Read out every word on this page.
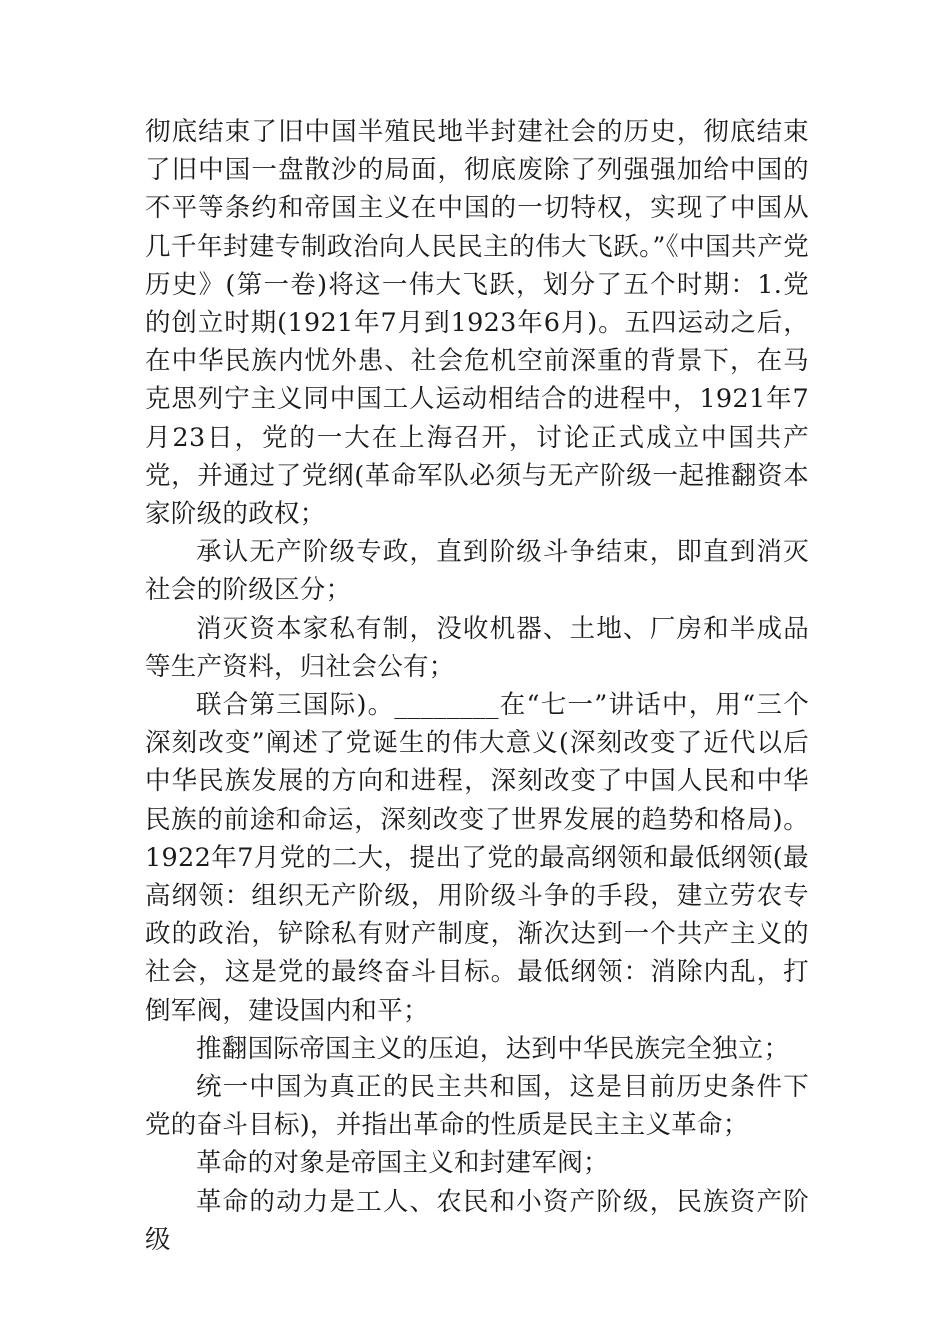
彻底结束了旧中国半殖民地半封建社会的历史，彻底结束了旧中国一盘散沙的局面，彻底废除了列强强加给中国的不平等条约和帝国主义在中国的一切特权，实现了中国从几千年封建专制政治向人民民主的伟大飞跃。”《中国共产党历史》(第一卷)将这一伟大飞跃，划分了五个时期：1.党的创立时期(1921年7月到1923年6月)。五四运动之后，在中华民族内忧外患、社会危机空前深重的背景下，在马克思列宁主义同中国工人运动相结合的进程中，1921年7月23日，党的一大在上海召开，讨论正式成立中国共产党，并通过了党纲(革命军队必须与无产阶级一起推翻资本家阶级的政权；

承认无产阶级专政，直到阶级斗争结束，即直到消灭社会的阶级区分；

消灭资本家私有制，没收机器、土地、厂房和半成品等生产资料，归社会公有；

联合第三国际)。________在“七一”讲话中，用“三个深刻改变”阐述了党诞生的伟大意义(深刻改变了近代以后中华民族发展的方向和进程，深刻改变了中国人民和中华民族的前途和命运，深刻改变了世界发展的趋势和格局)。1922年7月党的二大，提出了党的最高纲领和最低纲领(最高纲领：组织无产阶级，用阶级斗争的手段，建立劳农专政的政治，铲除私有财产制度，渐次达到一个共产主义的社会，这是党的最终奋斗目标。最低纲领：消除内乱，打倒军阀，建设国内和平；

推翻国际帝国主义的压迫，达到中华民族完全独立；

统一中国为真正的民主共和国，这是目前历史条件下党的奋斗目标)，并指出革命的性质是民主主义革命；

革命的对象是帝国主义和封建军阀；

革命的动力是工人、农民和小资产阶级，民族资产阶级
